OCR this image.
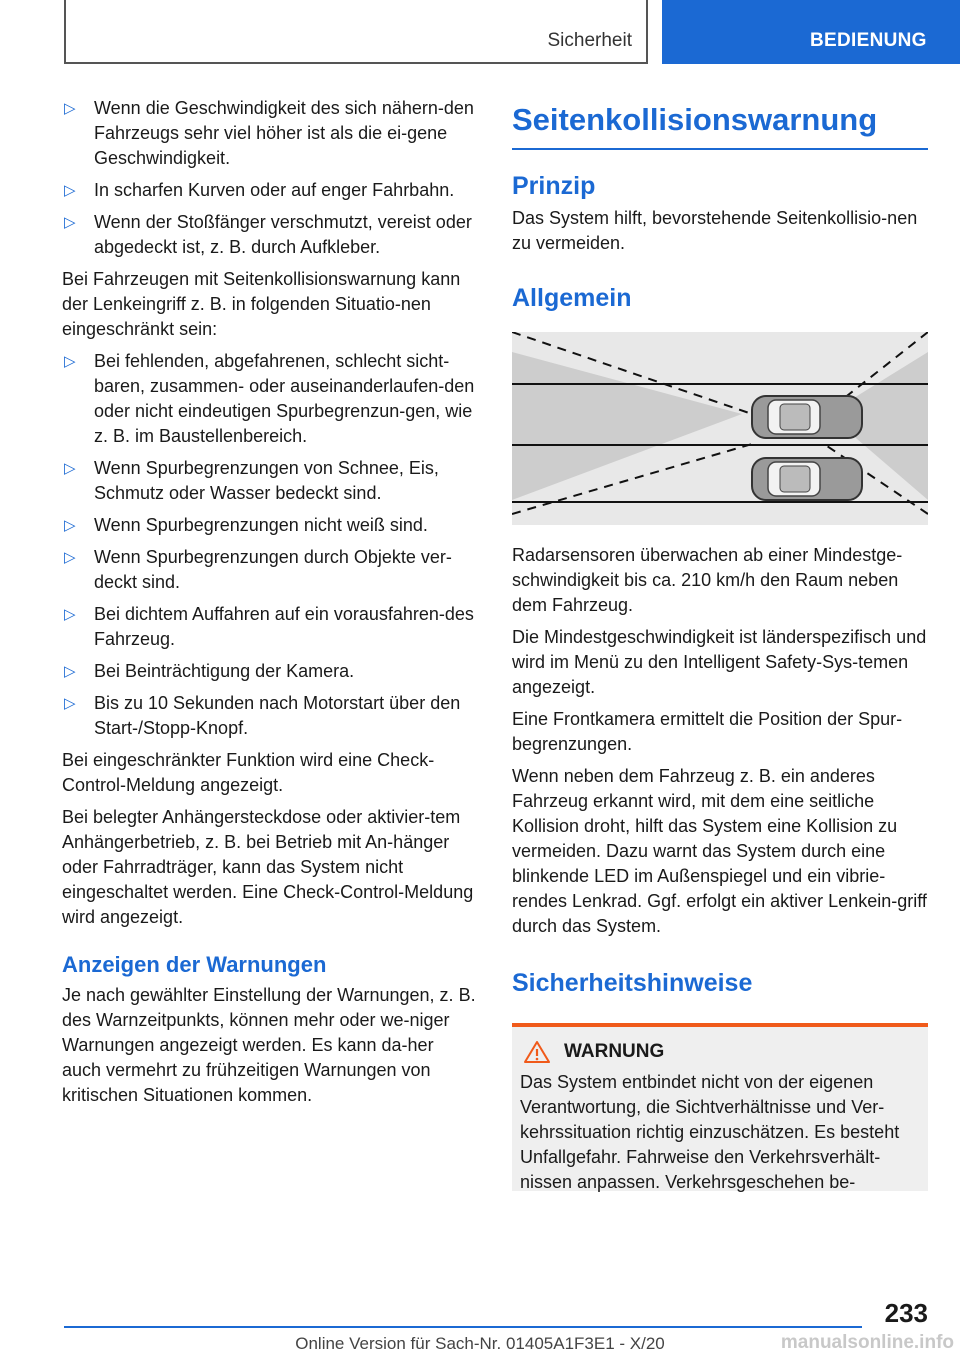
Sicherheit	BEDIENUNG
▷ Wenn die Geschwindigkeit des sich nähern-den Fahrzeugs sehr viel höher ist als die ei-gene Geschwindigkeit.
▷ In scharfen Kurven oder auf enger Fahrbahn.
▷ Wenn der Stoßfänger verschmutzt, vereist oder abgedeckt ist, z. B. durch Aufkleber.

Bei Fahrzeugen mit Seitenkollisionswarnung kann der Lenkeingriff z. B. in folgenden Situatio-nen eingeschränkt sein:

▷ Bei fehlenden, abgefahrenen, schlecht sicht-baren, zusammen- oder auseinanderlaufen-den oder nicht eindeutigen Spurbegrenzun-gen, wie z. B. im Baustellenbereich.
▷ Wenn Spurbegrenzungen von Schnee, Eis, Schmutz oder Wasser bedeckt sind.
▷ Wenn Spurbegrenzungen nicht weiß sind.
▷ Wenn Spurbegrenzungen durch Objekte ver-deckt sind.
▷ Bei dichtem Auffahren auf ein vorausfahren-des Fahrzeug.
▷ Bei Beinträchtigung der Kamera.
▷ Bis zu 10 Sekunden nach Motorstart über den Start-/Stopp-Knopf.

Bei eingeschränkter Funktion wird eine Check-Control-Meldung angezeigt.

Bei belegter Anhängersteckdose oder aktivier-tem Anhängerbetrieb, z. B. bei Betrieb mit An-hänger oder Fahrradträger, kann das System nicht eingeschaltet werden. Eine Check-Control-Meldung wird angezeigt.

Anzeigen der Warnungen

Je nach gewählter Einstellung der Warnungen, z. B. des Warnzeitpunkts, können mehr oder we-niger Warnungen angezeigt werden. Es kann da-her auch vermehrt zu frühzeitigen Warnungen von kritischen Situationen kommen.

Seitenkollisionswarnung
Prinzip

Das System hilft, bevorstehende Seitenkollisio-nen zu vermeiden.

Allgemein

Radarsensoren überwachen ab einer Mindestge-schwindigkeit bis ca. 210 km/h den Raum neben dem Fahrzeug.

Die Mindestgeschwindigkeit ist länderspezifisch und wird im Menü zu den Intelligent Safety-Sys-temen angezeigt.

Eine Frontkamera ermittelt die Position der Spur-begrenzungen.

Wenn neben dem Fahrzeug z. B. ein anderes Fahrzeug erkannt wird, mit dem eine seitliche Kollision droht, hilft das System eine Kollision zu vermeiden. Dazu warnt das System durch eine blinkende LED im Außenspiegel und ein vibrie-rendes Lenkrad. Ggf. erfolgt ein aktiver Lenkein-griff durch das System.

Sicherheitshinweise
WARNUNG

Das System entbindet nicht von der eigenen Verantwortung, die Sichtverhältnisse und Ver-kehrssituation richtig einzuschätzen. Es besteht Unfallgefahr. Fahrweise den Verkehrsverhält-nissen anpassen. Verkehrsgeschehen be-

233
Online Version für Sach-Nr. 01405A1F3E1 - X/20	manualsonline.info
